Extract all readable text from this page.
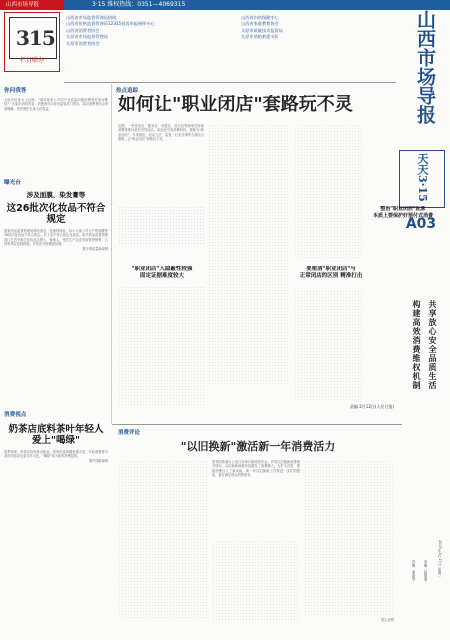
3·15 维权热线：0351—4069315
山西市场导报
315
栏目联办
山西省市场监督管理局热线
山西省价格监督管理局12315投诉举报指挥中心
山西省消费者协会
太原市市场监督管理局
太原市消费者协会
山西省妇幼保健中心
山西省家庭教育协会
太原市质量技术监督局
太原市消防救援支队	山西市场导报
天天3·15
A03
你问我答
太原市民某女士反映："请问某家公司的产品质量问题消费者应如何维权？"太原市消协答复：消费者可向市场监管部门投诉，或向消费者协会申请调解，依法维护自身合法权益。
曝光台
涉及面膜、染发膏等
这26批次化妆品不符合规定
国家药品监督管理局网站消息，经抽样检验，标示为某公司生产的面膜等26批次化妆品不符合规定。对上述不符合规定化妆品，相关药品监督管理部门已责令相关化妆品注册人、备案人、受托生产企业采取暂停销售、召回等风险控制措施，并依法开展调查处理。
据中国质量新闻网
消费视点
奶茶店底料茶叶年轻人爱上"喝绿"
春季到来，奶茶店纷纷推出新品，茶底的选择越来越丰富，年轻消费者对茶饮的追求也更加多元化，"喝绿"成为新的消费趋势。
据中国新闻网
热点追踪
如何让"职业闭店"套路玩不灵
近期，一些美容店、健身房、母婴店、洗衣店等商家在收取消费者预付款后突然闭店，或由此引发消费纠纷，被称为"职业闭店"。专家指出，应从立法、监管、行业自律等方面综合施策，让"职业闭店"套路玩不灵。
"职业闭店"入隐蔽性较强
固定证据难度较大
要厘清"职业闭店"与
正常闭店的区别 精准打击
整治"职业闭店"乱象
本质上要保护好预付式消费
构建高效消费维权机制 共享放心安全品质生活
责编 2月12日(人民日报)
消费评论
"以旧换新"激活新一年消费活力
国务院新闻办公室日前举行新闻发布会，介绍以旧换新政策相关情况。以旧换新政策有效激发了消费潜力，为扩大内需、提振消费注入了新动能。新一年以旧换新工作将进一步扩围提质，更好满足群众消费需求。
据人民网
责编：秦丽琴	美编：陆瑞瑞	2025年3月17日 星期一
